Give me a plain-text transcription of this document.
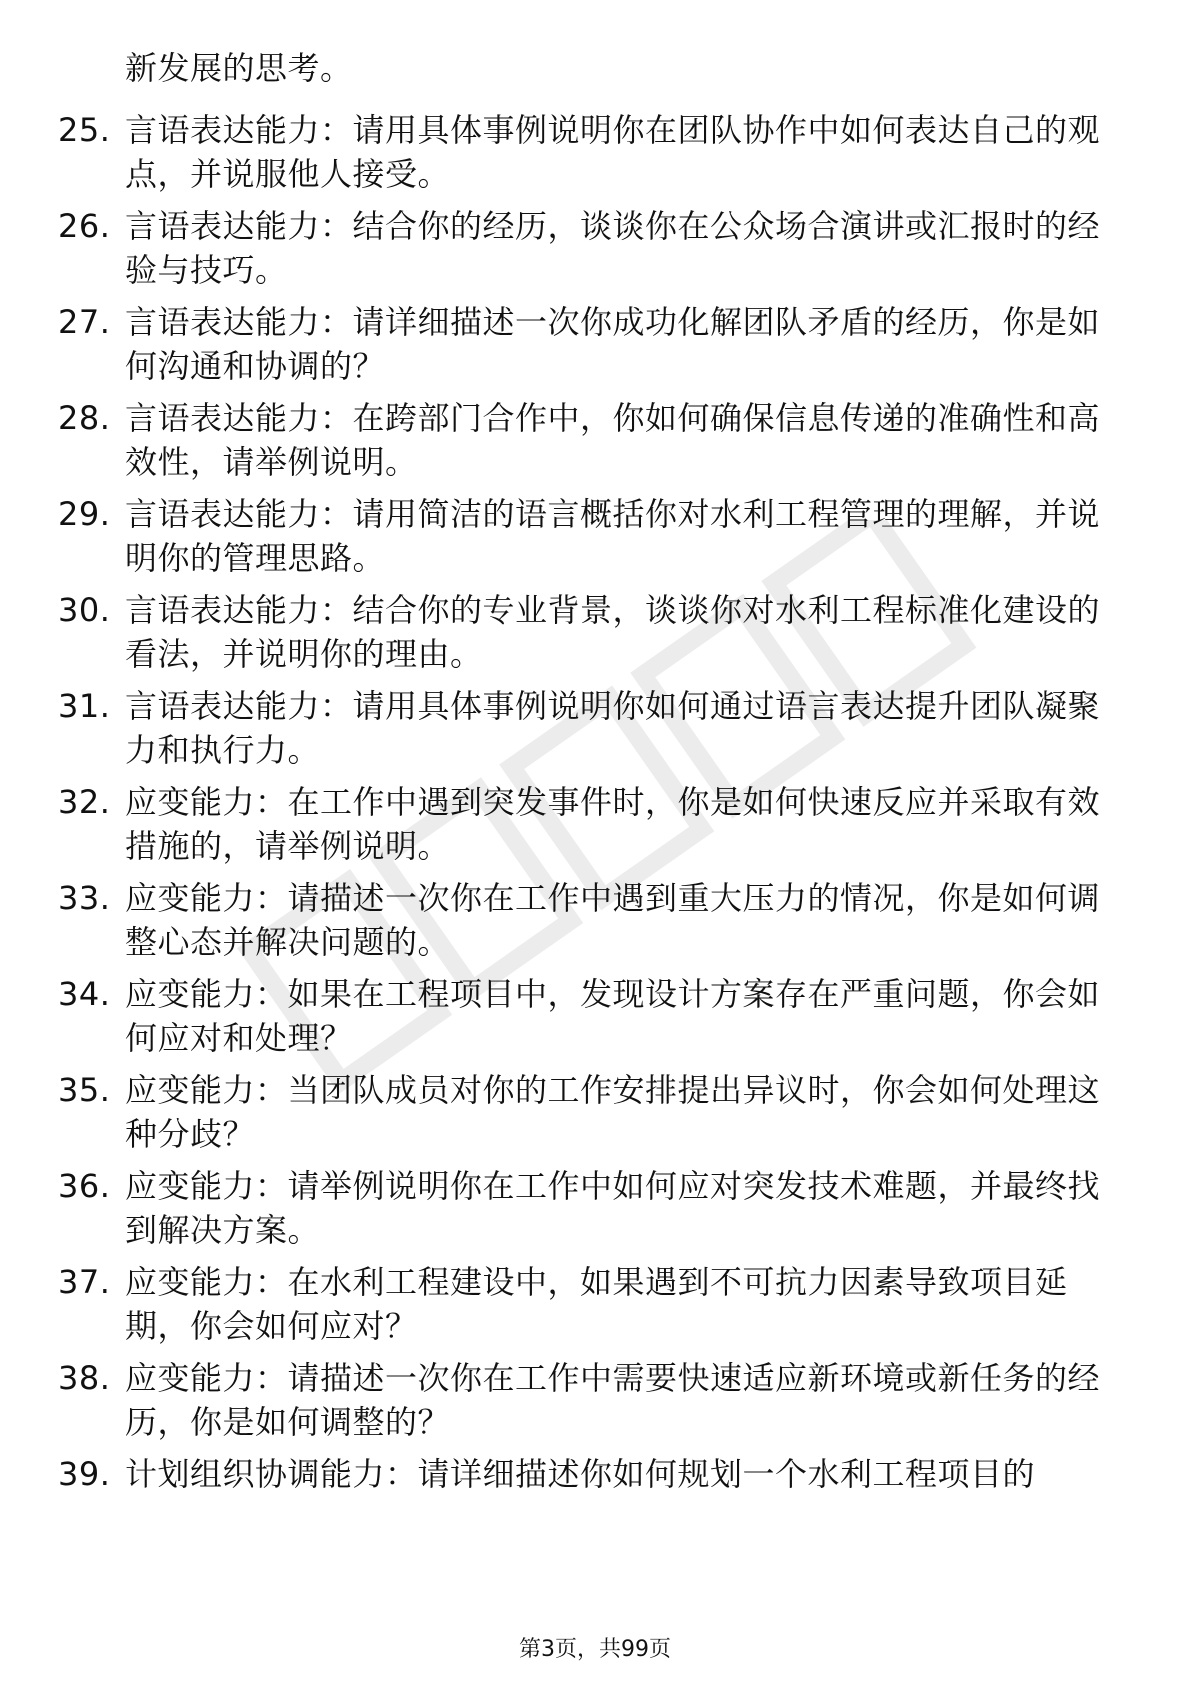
新发展的思考。
25. 言语表达能力：请用具体事例说明你在团队协作中如何表达自己的观点，并说服他人接受。
26. 言语表达能力：结合你的经历，谈谈你在公众场合演讲或汇报时的经验与技巧。
27. 言语表达能力：请详细描述一次你成功化解团队矛盾的经历，你是如何沟通和协调的？
28. 言语表达能力：在跨部门合作中，你如何确保信息传递的准确性和高效性，请举例说明。
29. 言语表达能力：请用简洁的语言概括你对水利工程管理的理解，并说明你的管理思路。
30. 言语表达能力：结合你的专业背景，谈谈你对水利工程标准化建设的看法，并说明你的理由。
31. 言语表达能力：请用具体事例说明你如何通过语言表达提升团队凝聚力和执行力。
32. 应变能力：在工作中遇到突发事件时，你是如何快速反应并采取有效措施的，请举例说明。
33. 应变能力：请描述一次你在工作中遇到重大压力的情况，你是如何调整心态并解决问题的。
34. 应变能力：如果在工程项目中，发现设计方案存在严重问题，你会如何应对和处理？
35. 应变能力：当团队成员对你的工作安排提出异议时，你会如何处理这种分歧？
36. 应变能力：请举例说明你在工作中如何应对突发技术难题，并最终找到解决方案。
37. 应变能力：在水利工程建设中，如果遇到不可抗力因素导致项目延期，你会如何应对？
38. 应变能力：请描述一次你在工作中需要快速适应新环境或新任务的经历，你是如何调整的？
39. 计划组织协调能力：请详细描述你如何规划一个水利工程项目的
第3页，共99页
